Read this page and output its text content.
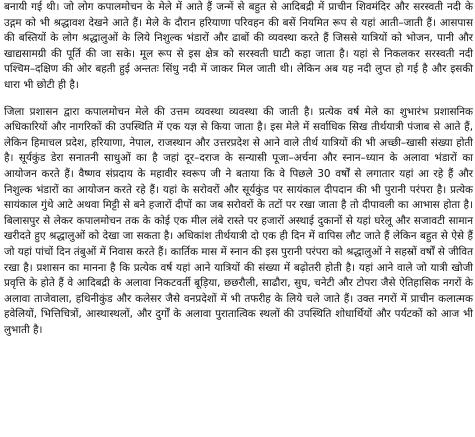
बनायी गई थी। जो लोग कपालमोचन के मेले में आते हैं जन्में से बहुत से आदिबद्री में प्राचीन शिवमंदिर और सरस्वती नदी के उद्गम को भी श्रद्धावश देखने आते हैं। मेले के दौरान हरियाणा परिवहन की बसें नियमित रूप से यहां आती–जाती हैं। आसपास की बस्तियों के लोग श्रद्धालुओं के लिये निशुल्क भंडारों और ढाबों की व्यवस्था करते हैं जिससे यात्रियों को भोजन, पानी और खाद्यसामग्री की पूर्ति की जा सके। मूल रूप से इस क्षेत्र को सरस्वती घाटी कहा जाता है। यहां से निकलकर सरस्वती नदी पश्चिम–दक्षिण की ओर बहती हुई अन्ततः सिंधु नदी में जाकर मिल जाती थी। लेकिन अब यह नदी लुप्त हो गई है और इसकी धारा भी छोटी ही है।

जिला प्रशासन द्वारा कपालमोचन मेले की उत्तम व्यवस्था व्यवस्था की जाती है। प्रत्येक वर्ष मेले का शुभारंभ प्रशासनिक अधिकारियों और नागरिकों की उपस्थिति में एक यज्ञ से किया जाता है। इस मेले में सर्वाधिक सिख तीर्थयात्री पंजाब से आते हैं, लेकिन हिमाचल प्रदेश, हरियाणा, नेपाल, राजस्थान और उत्तरप्रदेश से आने वाले तीर्थ यात्रियों की भी अच्छी–खासी संख्या होती है। सूर्यकुंड डेरा सनातनी साधुओं का है जहां दूर–दराज के सन्यासी पूजा–अर्चना और स्नान–ध्यान के अलावा भंडारों का आयोजन करते हैं। वैष्णव संप्रदाय के महावीर स्वरूप जी ने बताया कि वे पिछले 30 वर्षों से लगातार यहां आ रहे हैं और निशुल्क भंडारों का आयोजन करते रहे हैं। यहां के सरोवरों और सूर्यकुंड पर सायंकाल दीपदान की भी पुरानी परंपरा है। प्रत्येक सायंकाल गुंथे आटे अथवा मिट्टी से बने हजारों दीपों का जब सरोवरों के तटों पर रखा जाता है तो दीपावली का आभास होता है। बिलासपुर से लेकर कपालमोचन तक के कोई एक मील लंबे रास्ते पर हजारों अस्थाई दुकानों से यहां घरेलू और सजावटी सामान खरीदते हुए श्रद्धालुओं को देखा जा सकता है। अधिकांश तीर्थयात्री दो एक ही दिन में वापिस लौट जाते हैं लेकिन बहुत से ऐसे हैं जो यहां पांचों दिन तंबुओं में निवास करते हैं। कार्तिक मास में स्नान की इस पुरानी परंपरा को श्रद्धालुओं ने सहस्रों वर्षों से जीवित रखा है। प्रशासन का मानना है कि प्रत्येक वर्ष यहां आने यात्रियों की संख्या में बढ़ोतरी होती है। यहां आने वाले जो यात्री खोजी प्रवृत्ति के होते हैं वे आदिबद्री के अलावा निकटवर्ती बूड़िया, छछरौली, साढौरा, सुघ, चनेटी और टोपरा जैसे ऐतिहासिक नगरों के अलावा ताजेवाला, हथिनीकुंड और कलेसर जैसे वनप्रदेशों में भी तफरीह के लिये चले जाते हैं। उक्त नगरों में प्राचीन कलात्मक हवेलियों, भित्तिचित्रों, आस्थास्थलों, और दुर्गों के अलावा पुरातात्विक स्थलों की उपस्थिति शोधार्थियों और पर्यटकों को आज भी लुभाती है।
